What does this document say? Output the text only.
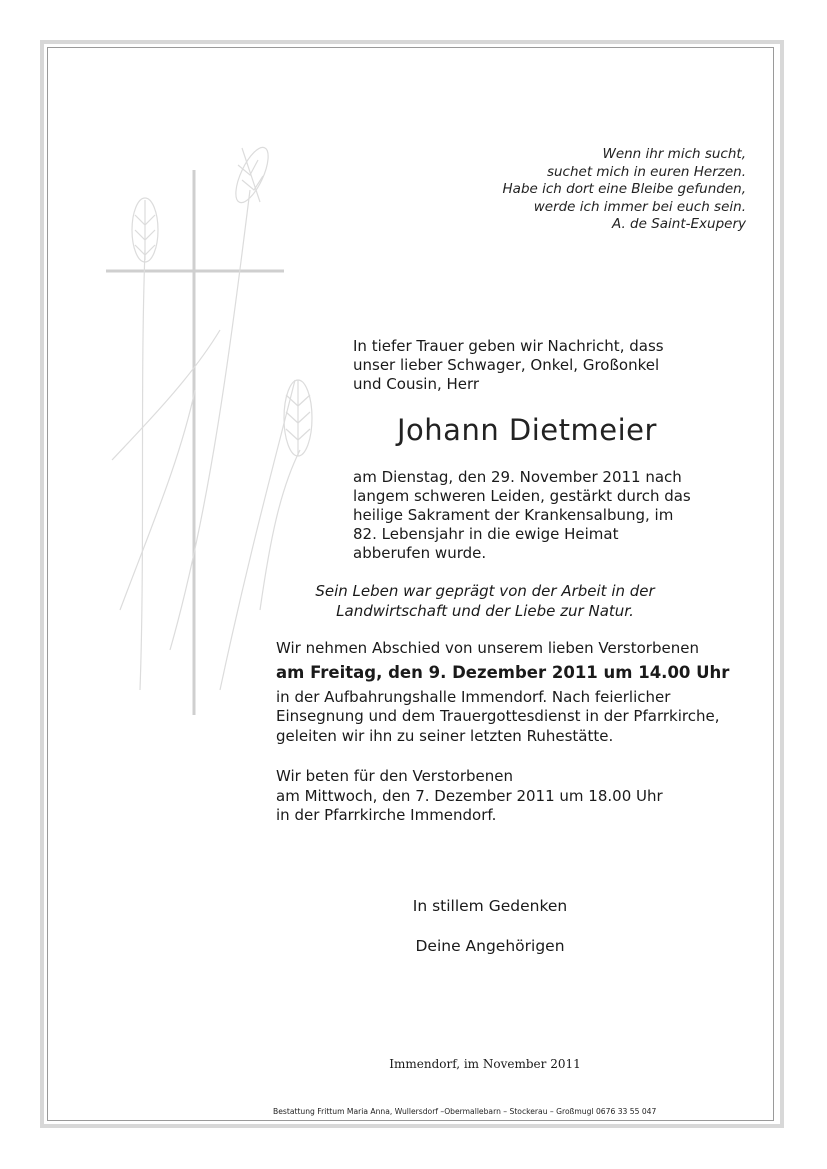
Wenn ihr mich sucht,
suchet mich in euren Herzen.
Habe ich dort eine Bleibe gefunden,
werde ich immer bei euch sein.
A. de Saint-Exupery
In tiefer Trauer geben wir Nachricht, dass
unser lieber Schwager, Onkel, Großonkel
und Cousin, Herr
Johann Dietmeier
am Dienstag, den 29. November 2011 nach
langem schweren Leiden, gestärkt durch das
heilige Sakrament der Krankensalbung, im
82. Lebensjahr in die ewige Heimat
abberufen wurde.
Sein Leben war geprägt von der Arbeit in der
Landwirtschaft und der Liebe zur Natur.
Wir nehmen Abschied von unserem lieben Verstorbenen
am Freitag, den 9. Dezember 2011 um 14.00 Uhr
in der Aufbahrungshalle Immendorf. Nach feierlicher
Einsegnung und dem Trauergottesdienst in der Pfarrkirche,
geleiten wir ihn zu seiner letzten Ruhestätte.
Wir beten für den Verstorbenen
am Mittwoch, den 7. Dezember 2011 um 18.00 Uhr
in der Pfarrkirche Immendorf.
In stillem Gedenken
Deine Angehörigen
Immendorf, im November 2011
Bestattung Frittum Maria Anna, Wullersdorf –Obermallebarn – Stockerau – Großmugl 0676 33 55 047
